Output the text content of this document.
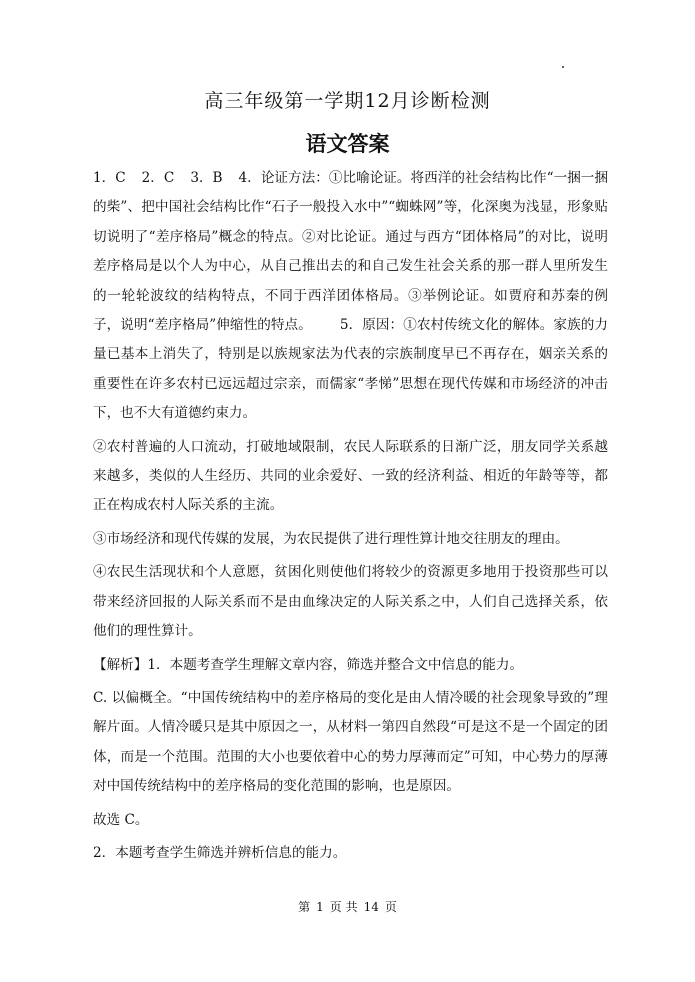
高三年级第一学期12月诊断检测
语文答案
1．C 2．C 3．B 4．论证方法：①比喻论证。将西洋的社会结构比作“一捆一捆的柴”、把中国社会结构比作“石子一般投入水中”“蜘蛛网”等，化深奥为浅显，形象贴切说明了“差序格局”概念的特点。②对比论证。通过与西方“团体格局”的对比，说明差序格局是以个人为中心，从自己推出去的和自己发生社会关系的那一群人里所发生的一轮轮波纹的结构特点，不同于西洋团体格局。③举例论证。如贾府和苏秦的例子，说明“差序格局”伸缩性的特点。 5．原因：①农村传统文化的解体。家族的力量已基本上消失了，特别是以族规家法为代表的宗族制度早已不再存在，姻亲关系的重要性在许多农村已远远超过宗亲，而儒家“孝悌”思想在现代传媒和市场经济的冲击下，也不大有道德约束力。
②农村普遍的人口流动，打破地域限制，农民人际联系的日渐广泛，朋友同学关系越来越多，类似的人生经历、共同的业余爱好、一致的经济利益、相近的年龄等等，都正在构成农村人际关系的主流。
③市场经济和现代传媒的发展，为农民提供了进行理性算计地交往朋友的理由。
④农民生活现状和个人意愿，贫困化则使他们将较少的资源更多地用于投资那些可以带来经济回报的人际关系而不是由血缘决定的人际关系之中，人们自己选择关系，依他们的理性算计。
【解析】1．本题考查学生理解文章内容，筛选并整合文中信息的能力。
C. 以偏概全。“中国传统结构中的差序格局的变化是由人情冷暖的社会现象导致的”理解片面。人情冷暖只是其中原因之一，从材料一第四自然段“可是这不是一个固定的团体，而是一个范围。范围的大小也要依着中心的势力厚薄而定”可知，中心势力的厚薄对中国传统结构中的差序格局的变化范围的影响，也是原因。
故选 C。
2．本题考查学生筛选并辨析信息的能力。
第 1 页 共 14 页
